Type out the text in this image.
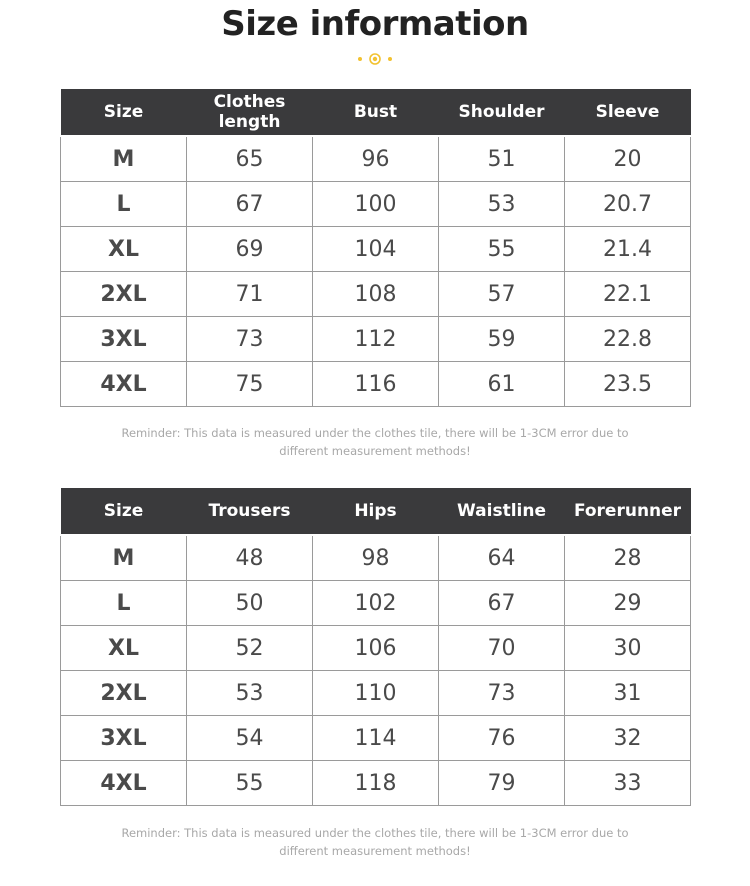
Size information
Size	Clothes length	Bust	Shoulder	Sleeve
M	65	96	51	20
L	67	100	53	20.7
XL	69	104	55	21.4
2XL	71	108	57	22.1
3XL	73	112	59	22.8
4XL	75	116	61	23.5
Reminder: This data is measured under the clothes tile, there will be 1-3CM error due to
different measurement methods!
Size	Trousers	Hips	Waistline	Forerunner
M	48	98	64	28
L	50	102	67	29
XL	52	106	70	30
2XL	53	110	73	31
3XL	54	114	76	32
4XL	55	118	79	33
Reminder: This data is measured under the clothes tile, there will be 1-3CM error due to
different measurement methods!
